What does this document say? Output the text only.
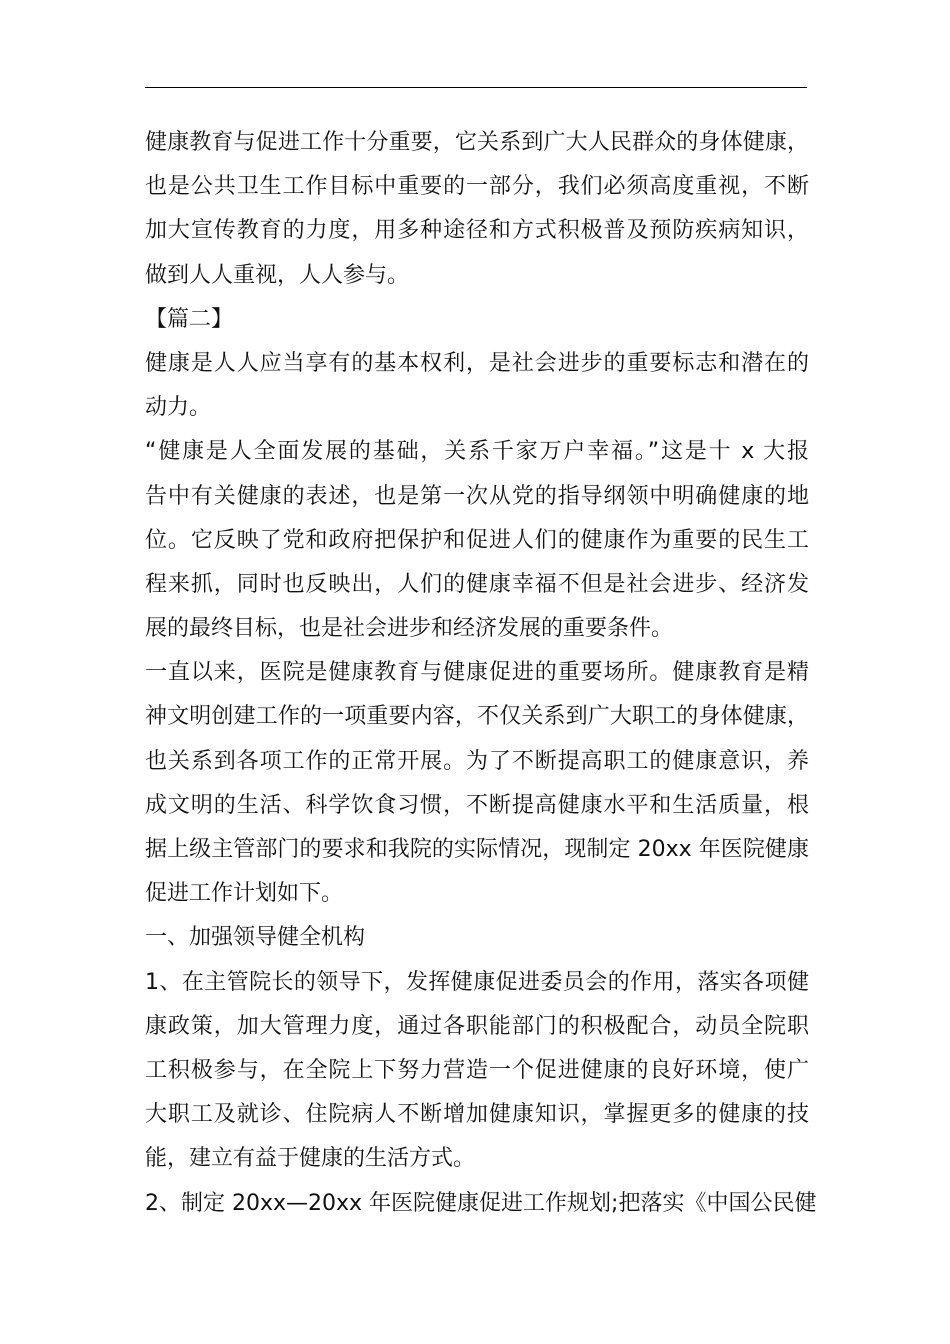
健康教育与促进工作十分重要，它关系到广大人民群众的身体健康，
也是公共卫生工作目标中重要的一部分，我们必须高度重视，不断
加大宣传教育的力度，用多种途径和方式积极普及预防疾病知识，
做到人人重视，人人参与。
【篇二】
健康是人人应当享有的基本权利，是社会进步的重要标志和潜在的
动力。
“健康是人全面发展的基础，关系千家万户幸福。”这是十 x 大报
告中有关健康的表述，也是第一次从党的指导纲领中明确健康的地
位。它反映了党和政府把保护和促进人们的健康作为重要的民生工
程来抓，同时也反映出，人们的健康幸福不但是社会进步、经济发
展的最终目标，也是社会进步和经济发展的重要条件。
一直以来，医院是健康教育与健康促进的重要场所。健康教育是精
神文明创建工作的一项重要内容，不仅关系到广大职工的身体健康，
也关系到各项工作的正常开展。为了不断提高职工的健康意识，养
成文明的生活、科学饮食习惯，不断提高健康水平和生活质量，根
据上级主管部门的要求和我院的实际情况，现制定 20xx 年医院健康
促进工作计划如下。
一、加强领导健全机构
1、在主管院长的领导下，发挥健康促进委员会的作用，落实各项健
康政策，加大管理力度，通过各职能部门的积极配合，动员全院职
工积极参与，在全院上下努力营造一个促进健康的良好环境，使广
大职工及就诊、住院病人不断增加健康知识，掌握更多的健康的技
能，建立有益于健康的生活方式。
2、制定 20xx—20xx 年医院健康促进工作规划;把落实《中国公民健
